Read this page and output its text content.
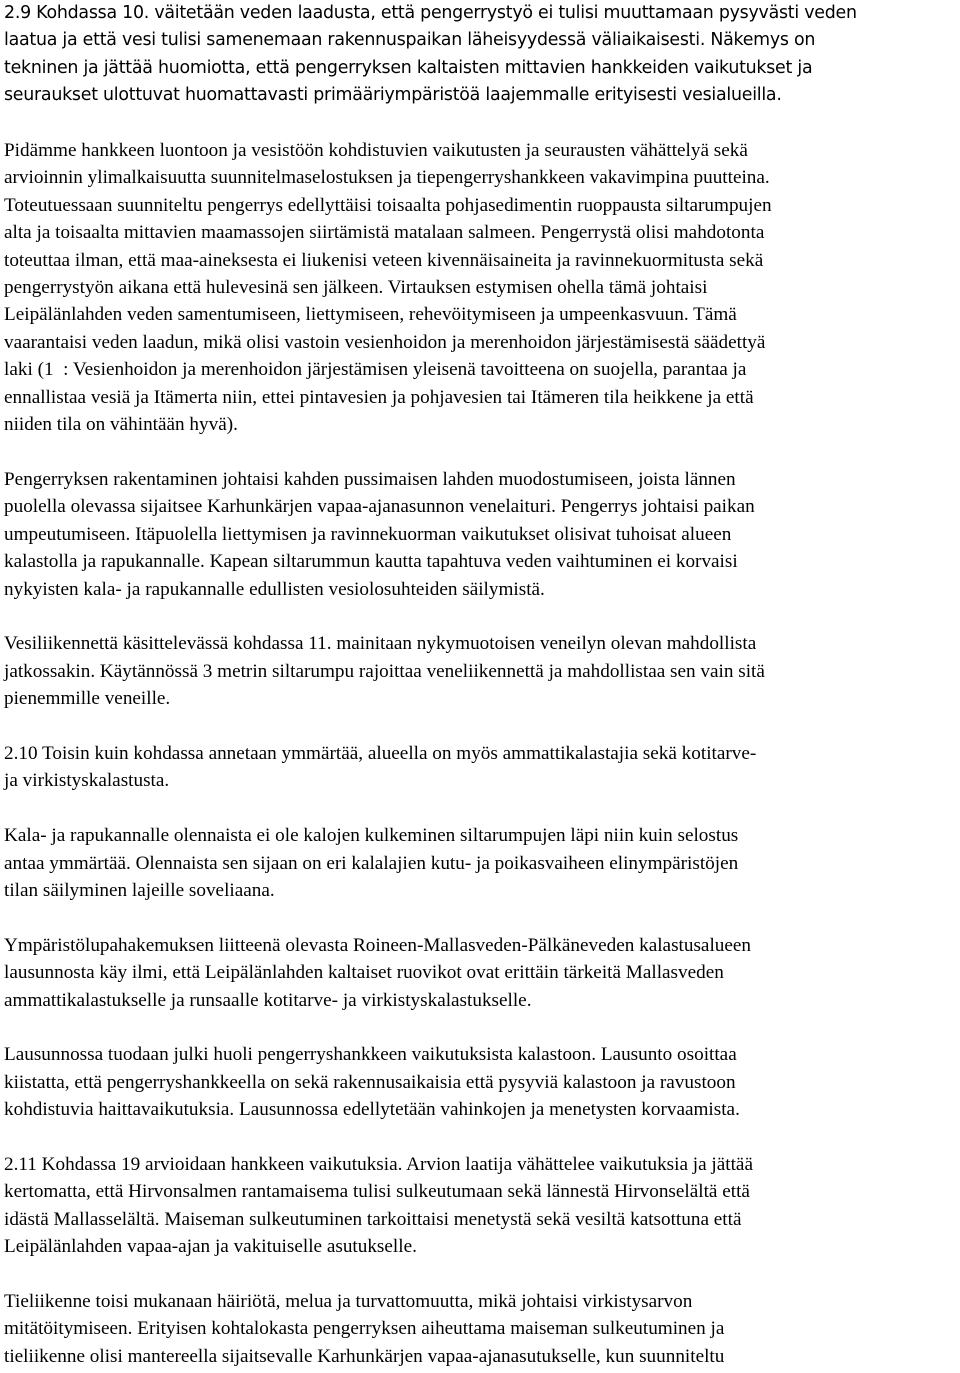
2.9 Kohdassa 10. väitetään veden laadusta, että pengerrystyö ei tulisi muuttamaan pysyvästi veden
laatua ja että vesi tulisi samenemaan rakennuspaikan läheisyydessä väliaikaisesti. Näkemys on
tekninen ja jättää huomiotta, että pengerryksen kaltaisten mittavien hankkeiden vaikutukset ja
seuraukset ulottuvat huomattavasti primääriympäristöä laajemmalle erityisesti vesialueilla.

Pidämme hankkeen luontoon ja vesistöön kohdistuvien vaikutusten ja seurausten vähättelyä sekä
arvioinnin ylimalkaisuutta suunnitelmaselostuksen ja tiepengerryshankkeen vakavimpina puutteina.
Toteutuessaan suunniteltu pengerrys edellyttäisi toisaalta pohjasedimentin ruoppausta siltarumpujen
alta ja toisaalta mittavien maamassojen siirtämistä matalaan salmeen. Pengerrystä olisi mahdotonta
toteuttaa ilman, että maa-aineksesta ei liukenisi veteen kivennäisaineita ja ravinnekuormitusta sekä
pengerrystyön aikana että hulevesinä sen jälkeen. Virtauksen estymisen ohella tämä johtaisi
Leipälänlahden veden samentumiseen, liettymiseen, rehevöitymiseen ja umpeenkasvuun. Tämä
vaarantaisi veden laadun, mikä olisi vastoin vesienhoidon ja merenhoidon järjestämisestä säädettyä
laki (1  : Vesienhoidon ja merenhoidon järjestämisen yleisenä tavoitteena on suojella, parantaa ja
ennallistaa vesiä ja Itämerta niin, ettei pintavesien ja pohjavesien tai Itämeren tila heikkene ja että
niiden tila on vähintään hyvä).

Pengerryksen rakentaminen johtaisi kahden pussimaisen lahden muodostumiseen, joista lännen
puolella olevassa sijaitsee Karhunkärjen vapaa-ajanasunnon venelaituri. Pengerrys johtaisi paikan
umpeutumiseen. Itäpuolella liettymisen ja ravinnekuorman vaikutukset olisivat tuhoisat alueen
kalastolla ja rapukannalle. Kapean siltarummun kautta tapahtuva veden vaihtuminen ei korvaisi
nykyisten kala- ja rapukannalle edullisten vesiolosuhteiden säilymistä.

Vesiliikennettä käsittelevässä kohdassa 11. mainitaan nykymuotoisen veneilyn olevan mahdollista
jatkossakin. Käytännössä 3 metrin siltarumpu rajoittaa veneliikennettä ja mahdollistaa sen vain sitä
pienemmille veneille.

2.10 Toisin kuin kohdassa annetaan ymmärtää, alueella on myös ammattikalastajia sekä kotitarve-
ja virkistyskalastusta.

Kala- ja rapukannalle olennaista ei ole kalojen kulkeminen siltarumpujen läpi niin kuin selostus
antaa ymmärtää. Olennaista sen sijaan on eri kalalajien kutu- ja poikasvaiheen elinympäristöjen
tilan säilyminen lajeille soveliaana.

Ympäristölupahakemuksen liitteenä olevasta Roineen-Mallasveden-Pälkäneveden kalastusalueen
lausunnosta käy ilmi, että Leipälänlahden kaltaiset ruovikot ovat erittäin tärkeitä Mallasveden
ammattikalastukselle ja runsaalle kotitarve- ja virkistyskalastukselle.

Lausunnossa tuodaan julki huoli pengerryshankkeen vaikutuksista kalastoon. Lausunto osoittaa
kiistatta, että pengerryshankkeella on sekä rakennusaikaisia että pysyviä kalastoon ja ravustoon
kohdistuvia haittavaikutuksia. Lausunnossa edellytetään vahinkojen ja menetysten korvaamista.

2.11 Kohdassa 19 arvioidaan hankkeen vaikutuksia. Arvion laatija vähättelee vaikutuksia ja jättää
kertomatta, että Hirvonsalmen rantamaisema tulisi sulkeutumaan sekä lännestä Hirvonselältä että
idästä Mallasselältä. Maiseman sulkeutuminen tarkoittaisi menetystä sekä vesiltä katsottuna että
Leipälänlahden vapaa-ajan ja vakituiselle asutukselle.

Tieliikenne toisi mukanaan häiriötä, melua ja turvattomuutta, mikä johtaisi virkistysarvon
mitätöitymiseen. Erityisen kohtalokasta pengerryksen aiheuttama maiseman sulkeutuminen ja
tieliikenne olisi mantereella sijaitsevalle Karhunkärjen vapaa-ajanasutukselle, kun suunniteltu
